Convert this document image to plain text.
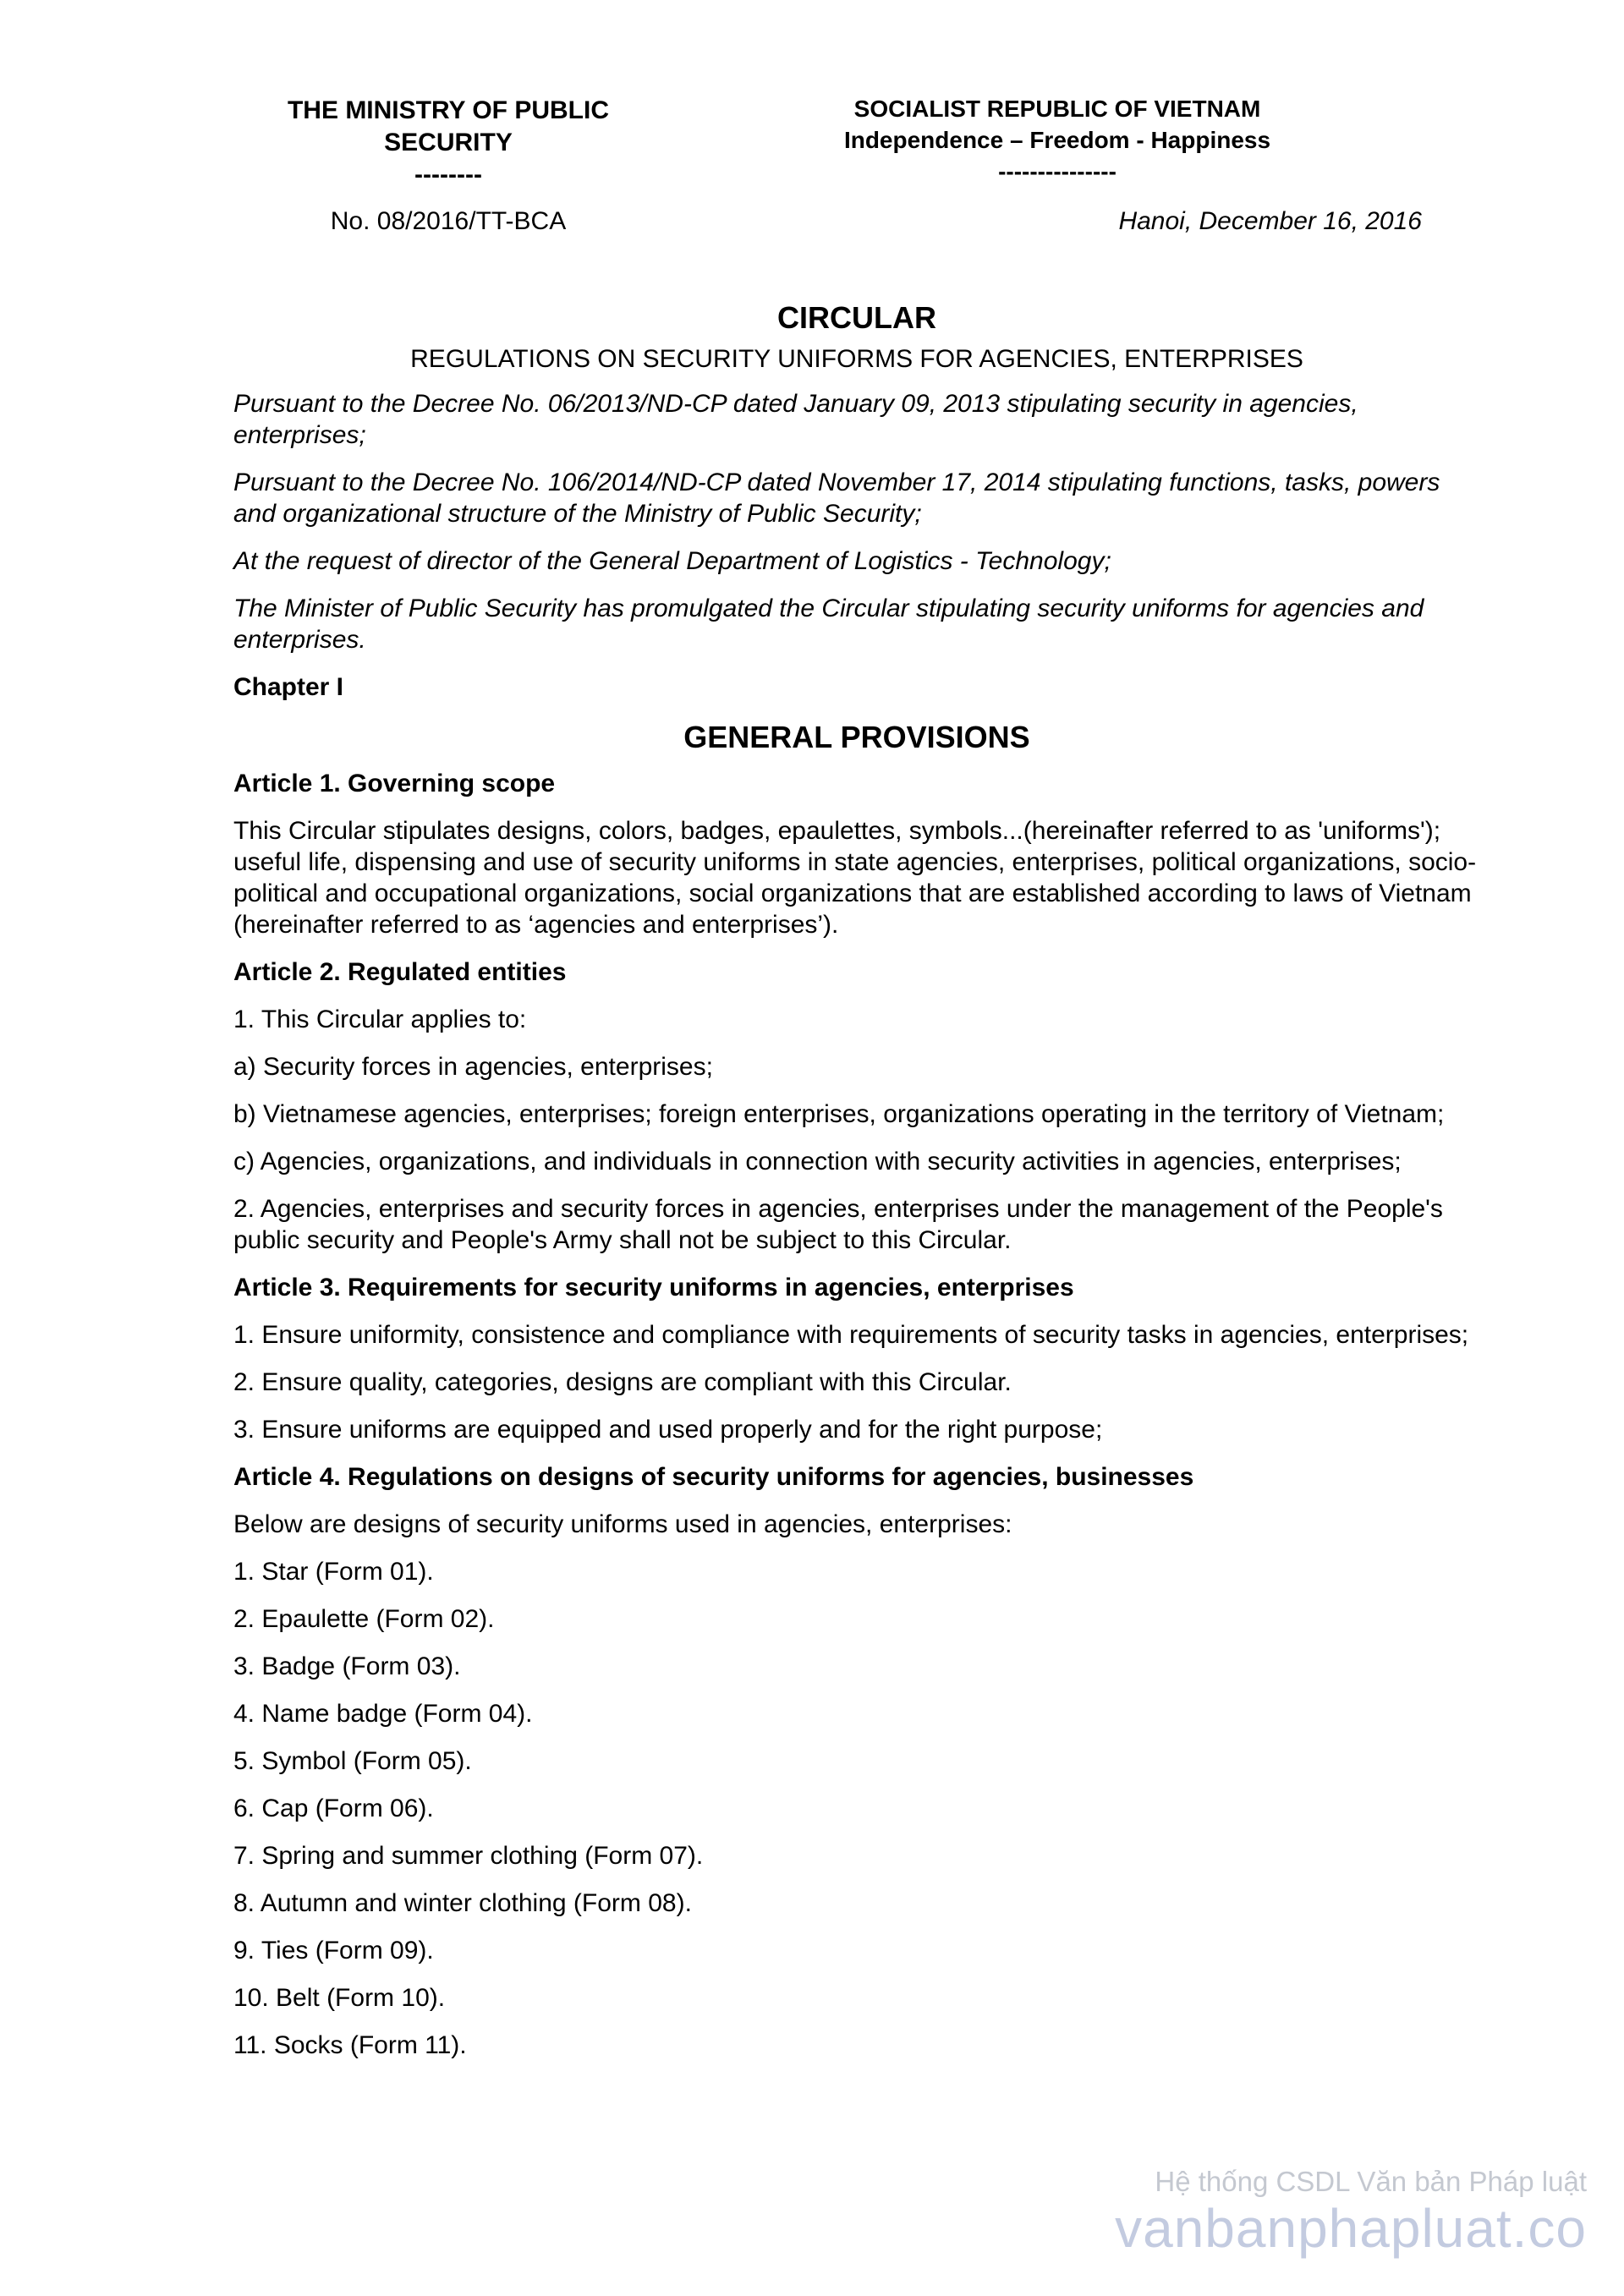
THE MINISTRY OF PUBLIC
SECURITY
--------
SOCIALIST REPUBLIC OF VIETNAM
Independence – Freedom - Happiness
---------------
No. 08/2016/TT-BCA	Hanoi, December 16, 2016

CIRCULAR

REGULATIONS ON SECURITY UNIFORMS FOR AGENCIES, ENTERPRISES

Pursuant to the Decree No. 06/2013/ND-CP dated January 09, 2013 stipulating security in agencies, enterprises;

Pursuant to the Decree No. 106/2014/ND-CP dated November 17, 2014 stipulating functions, tasks, powers and organizational structure of the Ministry of Public Security;

At the request of director of the General Department of Logistics - Technology;

The Minister of Public Security has promulgated the Circular stipulating security uniforms for agencies and enterprises.

Chapter I

GENERAL PROVISIONS

Article 1. Governing scope

This Circular stipulates designs, colors, badges, epaulettes, symbols...(hereinafter referred to as 'uniforms'); useful life, dispensing and use of security uniforms in state agencies, enterprises, political organizations, socio-political and occupational organizations, social organizations that are established according to laws of Vietnam (hereinafter referred to as ‘agencies and enterprises’).

Article 2. Regulated entities

1. This Circular applies to:

a) Security forces in agencies, enterprises;

b) Vietnamese agencies, enterprises; foreign enterprises, organizations operating in the territory of Vietnam;

c) Agencies, organizations, and individuals in connection with security activities in agencies, enterprises;

2. Agencies, enterprises and security forces in agencies, enterprises under the management of the People's public security and People's Army shall not be subject to this Circular.

Article 3. Requirements for security uniforms in agencies, enterprises

1. Ensure uniformity, consistence and compliance with requirements of security tasks in agencies, enterprises;

2. Ensure quality, categories, designs are compliant with this Circular.

3. Ensure uniforms are equipped and used properly and for the right purpose;

Article 4. Regulations on designs of security uniforms for agencies, businesses

Below are designs of security uniforms used in agencies, enterprises:

1. Star (Form 01).

2. Epaulette (Form 02).

3. Badge (Form 03).

4. Name badge (Form 04).

5. Symbol (Form 05).

6. Cap (Form 06).

7. Spring and summer clothing (Form 07).

8. Autumn and winter clothing (Form 08).

9. Ties (Form 09).

10. Belt (Form 10).

11. Socks (Form 11).

Hệ thống CSDL Văn bản Pháp luật
vanbanphapluat.co
